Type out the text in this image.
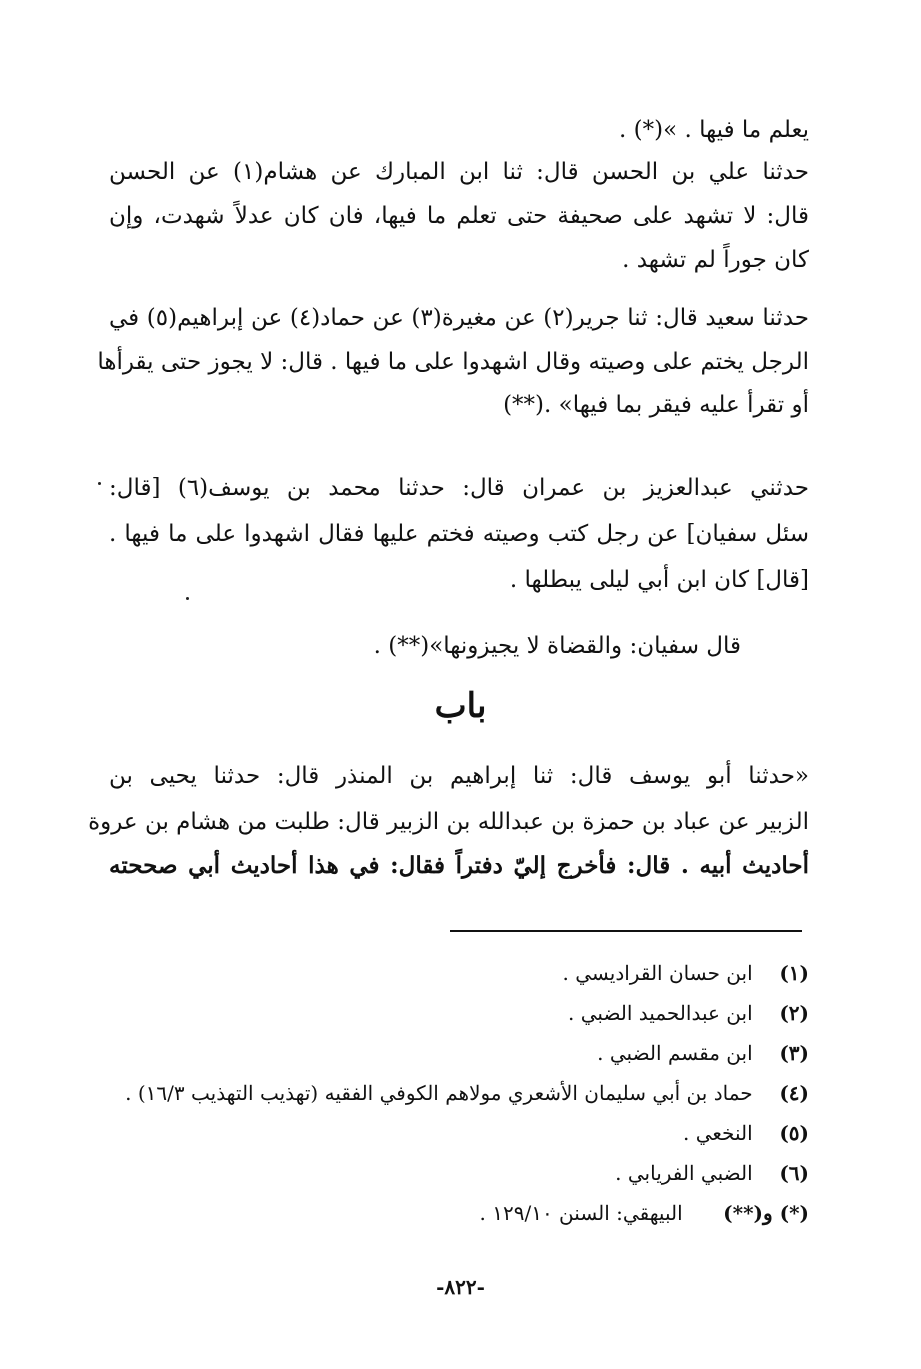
يعلم ما فيها . »(*) .
حدثنا علي بن الحسن قال: ثنا ابن المبارك عن هشام(١) عن الحسن
قال: لا تشهد على صحيفة حتى تعلم ما فيها، فان كان عدلاً شهدت، وإن
كان جوراً لم تشهد .
حدثنا سعيد قال: ثنا جرير(٢) عن مغيرة(٣) عن حماد(٤) عن إبراهيم(٥) في
الرجل يختم على وصيته وقال اشهدوا على ما فيها . قال: لا يجوز حتى يقرأها
أو تقرأ عليه فيقر بما فيها» .(**)
حدثني عبدالعزيز بن عمران قال: حدثنا محمد بن يوسف(٦) [قال:
سئل سفيان] عن رجل كتب وصيته فختم عليها فقال اشهدوا على ما فيها .
[قال] كان ابن أبي ليلى يبطلها .
قال سفيان: والقضاة لا يجيزونها»(**) .
باب
«حدثنا أبو يوسف قال: ثنا إبراهيم بن المنذر قال: حدثنا يحيى بن
الزبير عن عباد بن حمزة بن عبدالله بن الزبير قال: طلبت من هشام بن عروة
أحاديث أبيه . قال: فأخرج إليّ دفتراً فقال: في هذا أحاديث أبي صححته
(١) ابن حسان القراديسي .
(٢) ابن عبدالحميد الضبي .
(٣) ابن مقسم الضبي .
(٤) حماد بن أبي سليمان الأشعري مولاهم الكوفي الفقيه (تهذيب التهذيب ١٦/٣) .
(٥) النخعي .
(٦) الضبي الفريابي .
(*) و(**) البيهقي: السنن ١٢٩/١٠ .
-٨٢٢-
